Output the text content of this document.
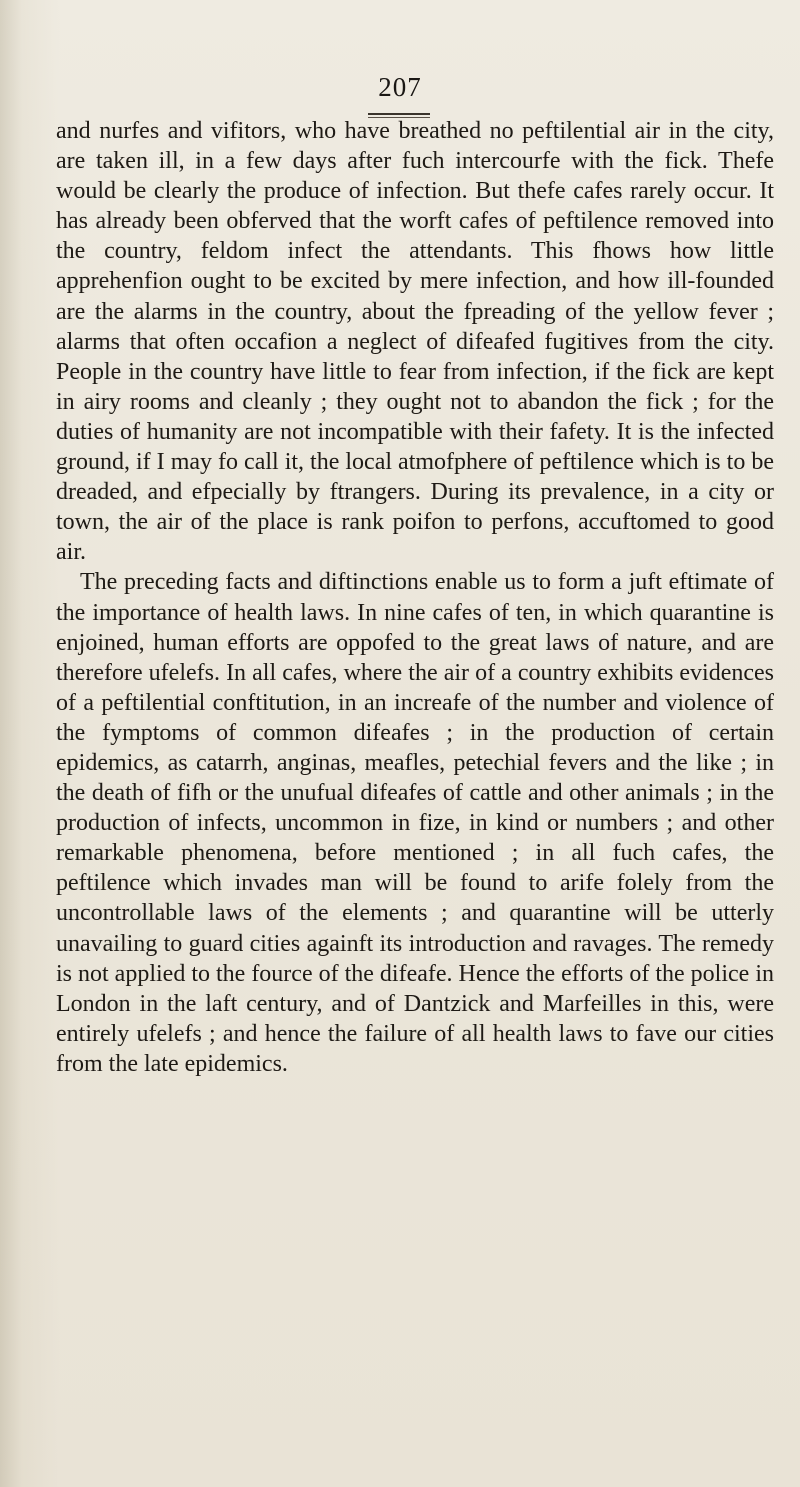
207

and nurfes and vifitors, who have breathed no peftilential air in the city, are taken ill, in a few days after fuch intercourfe with the fick. Thefe would be clearly the produce of infection. But thefe cafes rarely occur. It has already been obferved that the worft cafes of peftilence removed into the country, feldom infect the attendants. This fhows how little apprehenfion ought to be excited by mere infection, and how ill-founded are the alarms in the country, about the fpreading of the yellow fever ; alarms that often occafion a neglect of difeafed fugitives from the city. People in the country have little to fear from infection, if the fick are kept in airy rooms and cleanly ; they ought not to abandon the fick ; for the duties of humanity are not incompatible with their fafety. It is the infected ground, if I may fo call it, the local atmofphere of peftilence which is to be dreaded, and efpecially by ftrangers. During its prevalence, in a city or town, the air of the place is rank poifon to perfons, accuftomed to good air.

The preceding facts and diftinctions enable us to form a juft eftimate of the importance of health laws. In nine cafes of ten, in which quarantine is enjoined, human efforts are oppofed to the great laws of nature, and are therefore ufelefs. In all cafes, where the air of a country exhibits evidences of a peftilential conftitution, in an increafe of the number and violence of the fymptoms of common difeafes ; in the production of certain epidemics, as catarrh, anginas, meafles, petechial fevers and the like ; in the death of fifh or the unufual difeafes of cattle and other animals ; in the production of infects, uncommon in fize, in kind or numbers ; and other remarkable phenomena, before mentioned ; in all fuch cafes, the peftilence which invades man will be found to arife folely from the uncontrollable laws of the elements ; and quarantine will be utterly unavailing to guard cities againft its introduction and ravages. The remedy is not applied to the fource of the difeafe. Hence the efforts of the police in London in the laft century, and of Dantzick and Marfeilles in this, were entirely ufelefs ; and hence the failure of all health laws to fave our cities from the late epidemics.
